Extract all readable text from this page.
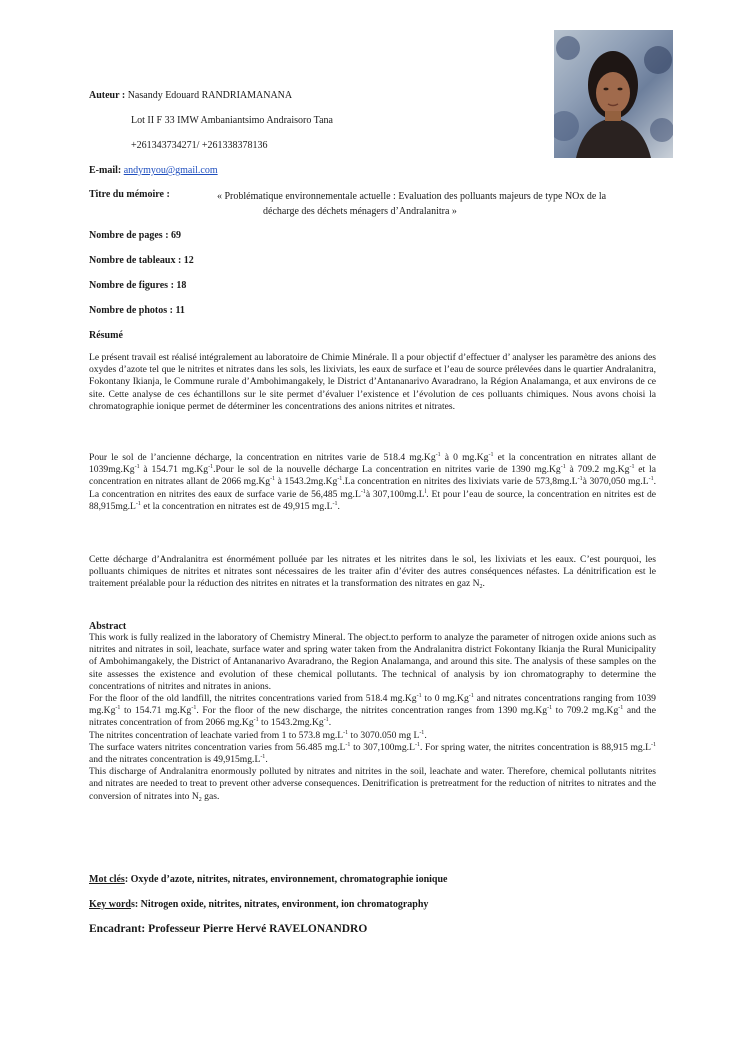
Auteur : Nasandy Edouard RANDRIAMANANA
Lot II F 33 IMW Ambaniantsimo Andraisoro Tana
+261343734271/ +261338378136
E-mail: andymyou@gmail.com
Titre du mémoire :	« Problématique environnementale actuelle : Evaluation des polluants majeurs de type NOx de la
décharge des déchets ménagers d’Andralanitra »
Nombre de pages : 69
Nombre de tableaux : 12
Nombre de figures : 18
Nombre de photos : 11
Résumé

Le présent travail est réalisé intégralement au laboratoire de Chimie Minérale. Il a pour objectif d’effectuer d’ analyser les paramètre des anions des oxydes d’azote tel que le nitrites et nitrates dans les sols, les lixiviats, les eaux de surface et l’eau de source prélevées dans le quartier Andralanitra, Fokontany Ikianja, le Commune rurale d’Ambohimangakely, le District d’Antananarivo Avaradrano, la Région Analamanga, et aux environs de ce site. Cette analyse de ces échantillons sur le site permet d’évaluer l’existence et l’évolution de ces polluants chimiques. Nous avons choisi la chromatographie ionique permet de déterminer les concentrations des anions nitrites et nitrates.

Pour le sol de l’ancienne décharge, la concentration en nitrites varie de 518.4 $mg.Kg^{-1}$ à 0 $mg.Kg^{-1}$ et la concentration en nitrates allant de $1039mg.Kg^{-1}$ à 154.71 $mg.Kg^{-1}.Pour$ le sol de la nouvelle décharge La concentration en nitrites varie de 1390 $mg.Kg^{-1}$ à 709.2 $mg.Kg^{-1}$ et la concentration en nitrates allant de 2066 $mg.Kg^{-1}$ à $1543.2mg.Kg^{-1}.La$ concentration en nitrites des lixiviats varie de $573,8mg.L^{-1}à$ 3070,050 $mg.L^{-1}$. La concentration en nitrites des eaux de surface varie de 56,485 $mg.L^{-1}à$ $307,100mg.L^l$. Et pour l’eau de source, la concentration en nitrites est de $88,915mg.L^{-1}$ et la concentration en nitrates est de 49,915 $mg.L^{-1}$.

Cette décharge d’Andralanitra est énormément polluée par les nitrates et les nitrites dans le sol, les lixiviats et les eaux. C’est pourquoi, les polluants chimiques de nitrites et nitrates sont nécessaires de les traiter afin d’éviter des autres conséquences néfastes. La dénitrification est le traitement préalable pour la réduction des nitrites en nitrates et la transformation des nitrates en gaz $N_2$.

Abstract

This work is fully realized in the laboratory of Chemistry Mineral. The object.to perform to analyze the parameter of nitrogen oxide anions such as nitrites and nitrates in soil, leachate, surface water and spring water taken from the Andralanitra district Fokontany Ikianja the Rural Municipality of Ambohimangakely, the District of Antananarivo Avaradrano, the Region Analamanga, and around this site. The analysis of these samples on the site assesses the existence and evolution of these chemical pollutants. The technical of analysis by ion chromatography to determine the concentrations of nitrites and nitrates in anions.

For the floor of the old landfill, the nitrites concentrations varied from 518.4 $mg.Kg^{-1}$ to 0 $mg.Kg^{-1}$ and nitrates concentrations ranging from 1039 $mg.Kg^{-1}$ to 154.71 $mg.Kg^{-1}$. For the floor of the new discharge, the nitrites concentration ranges from 1390 $mg.Kg^{-1}$ to 709.2 $mg.Kg^{-1}$ and the nitrates concentration of from 2066 $mg.Kg^{-1}$ to $1543.2mg.Kg^{-1}$.

The nitrites concentration of leachate varied from 1 to 573.8 $mg.L^{-1}$ to 3070.050 mg $L^{-1}$.

The surface waters nitrites concentration varies from 56.485 $mg.L^{-1}$ to $307,100mg.L^{-1}$. For spring water, the nitrites concentration is 88,915 $mg.L^{-1}$ and the nitrates concentration is $49,915mg.L^{-1}$.

This discharge of Andralanitra enormously polluted by nitrates and nitrites in the soil, leachate and water. Therefore, chemical pollutants nitrites and nitrates are needed to treat to prevent other adverse consequences. Denitrification is pretreatment for the reduction of nitrites to nitrates and the conversion of nitrates into $N_2$ gas.

Mot clés: Oxyde d’azote, nitrites, nitrates, environnement, chromatographie ionique
Key words: Nitrogen oxide, nitrites, nitrates, environment, ion chromatography
Encadrant: Professeur Pierre Hervé RAVELONANDRO
